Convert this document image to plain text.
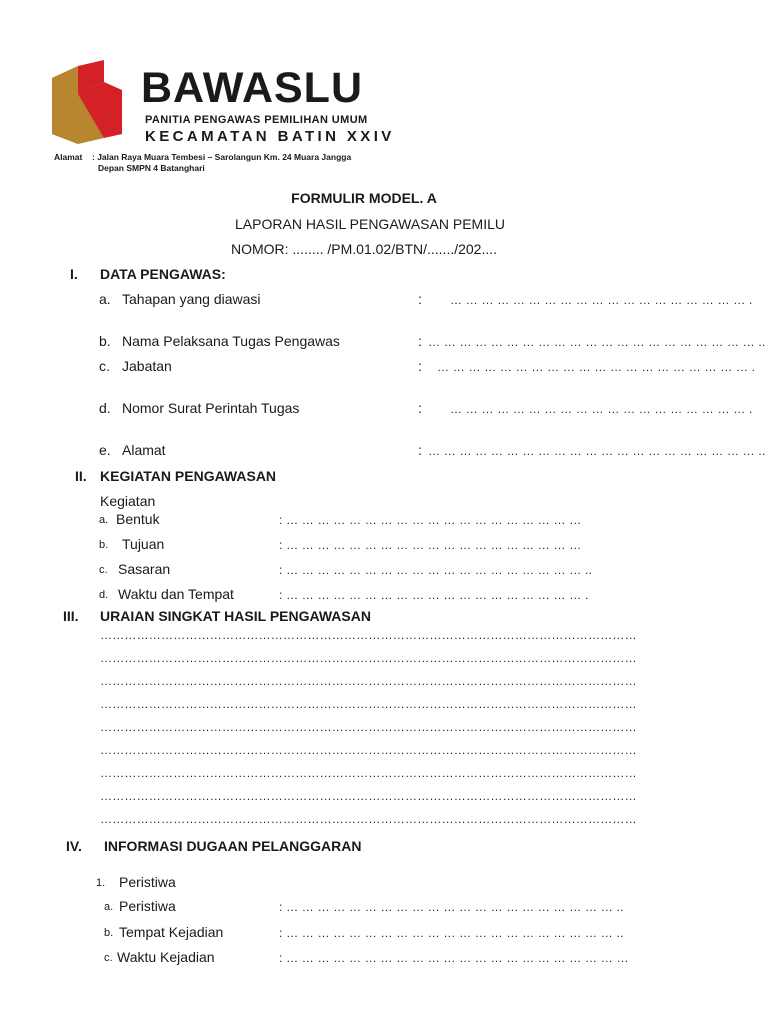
BAWASLU
PANITIA PENGAWAS PEMILIHAN UMUM
KECAMATAN BATIN XXIV
Alamat : Jalan Raya Muara Tembesi – Sarolangun Km. 24 Muara Jangga
Depan SMPN 4 Batanghari
FORMULIR MODEL. A
LAPORAN HASIL PENGAWASAN PEMILU
NOMOR: ........ /PM.01.02/BTN/......./202....
I. DATA PENGAWAS:
a. Tahapan yang diawasi	: … … … … … … … … … … … … … … … … … … … .
b. Nama Pelaksana Tugas Pengawas	: … … … … … … … … … … … … … … … … … … … … … ..
c. Jabatan	: … … … … … … … … … … … … … … … … … … … … .
d. Nomor Surat Perintah Tugas	: … … … … … … … … … … … … … … … … … … … .
e. Alamat	: … … … … … … … … … … … … … … … … … … … … … ..
II. KEGIATAN PENGAWASAN
Kegiatan
a. Bentuk	: … … … … … … … … … … … … … … … … … … …
b. Tujuan	: … … … … … … … … … … … … … … … … … … …
c. Sasaran	: … … … … … … … … … … … … … … … … … … … ..
d. Waktu dan Tempat	: … … … … … … … … … … … … … … … … … … … .
III. URAIAN SINGKAT HASIL PENGAWASAN
……………………………………………………………………………………………………………………
……………………………………………………………………………………………………………………
……………………………………………………………………………………………………………………
……………………………………………………………………………………………………………………
……………………………………………………………………………………………………………………
……………………………………………………………………………………………………………………
……………………………………………………………………………………………………………………
……………………………………………………………………………………………………………………
……………………………………………………………………………………………………………………
IV. INFORMASI DUGAAN PELANGGARAN
1. Peristiwa
a. Peristiwa	: … … … … … … … … … … … … … … … … … … … … … ..
b. Tempat Kejadian	: … … … … … … … … … … … … … … … … … … … … … ..
c. Waktu Kejadian	: … … … … … … … … … … … … … … … … … … … … … …
